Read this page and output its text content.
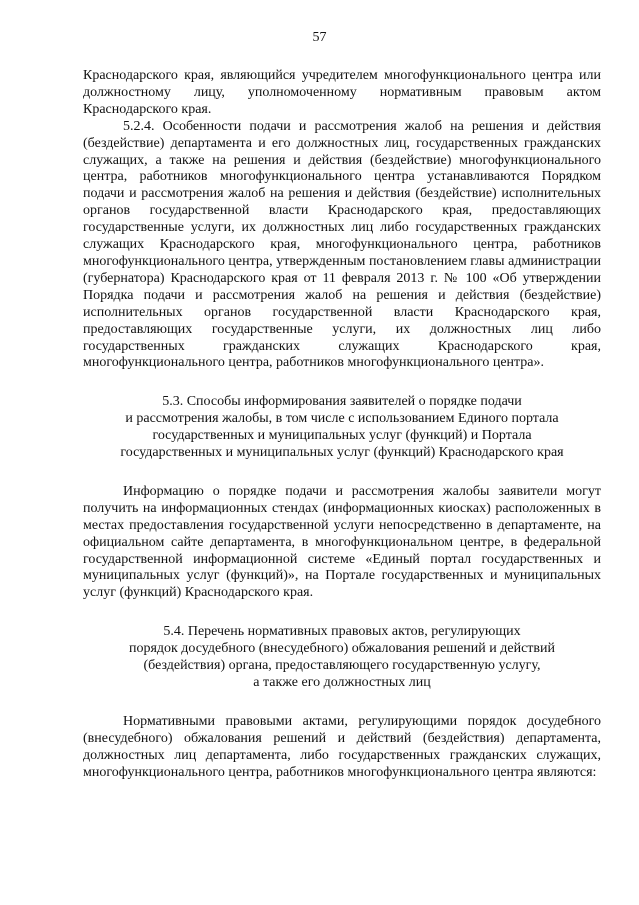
57

Краснодарского края, являющийся учредителем многофункционального центра или должностному лицу, уполномоченному нормативным правовым актом Краснодарского края.

5.2.4. Особенности подачи и рассмотрения жалоб на решения и действия (бездействие) департамента и его должностных лиц, государственных гражданских служащих, а также на решения и действия (бездействие) многофункционального центра, работников многофункционального центра устанавливаются Порядком подачи и рассмотрения жалоб на решения и действия (бездействие) исполнительных органов государственной власти Краснодарского края, предоставляющих государственные услуги, их должностных лиц либо государственных гражданских служащих Краснодарского края, многофункционального центра, работников многофункционального центра, утвержденным постановлением главы администрации (губернатора) Краснодарского края от 11 февраля 2013 г. № 100 «Об утверждении Порядка подачи и рассмотрения жалоб на решения и действия (бездействие) исполнительных органов государственной власти Краснодарского края, предоставляющих государственные услуги, их должностных лиц либо государственных гражданских служащих Краснодарского края, многофункционального центра, работников многофункционального центра».

5.3. Способы информирования заявителей о порядке подачи

и рассмотрения жалобы, в том числе с использованием Единого портала

государственных и муниципальных услуг (функций) и Портала

государственных и муниципальных услуг (функций) Краснодарского края

Информацию о порядке подачи и рассмотрения жалобы заявители могут получить на информационных стендах (информационных киосках) расположенных в местах предоставления государственной услуги непосредственно в департаменте, на официальном сайте департамента, в многофункциональном центре, в федеральной государственной информационной системе «Единый портал государственных и муниципальных услуг (функций)», на Портале государственных и муниципальных услуг (функций) Краснодарского края.

5.4. Перечень нормативных правовых актов, регулирующих

порядок досудебного (внесудебного) обжалования решений и действий

(бездействия) органа, предоставляющего государственную услугу,

а также его должностных лиц

Нормативными правовыми актами, регулирующими порядок досудебного (внесудебного) обжалования решений и действий (бездействия) департамента, должностных лиц департамента, либо государственных гражданских служащих, многофункционального центра, работников многофункционального центра являются:
